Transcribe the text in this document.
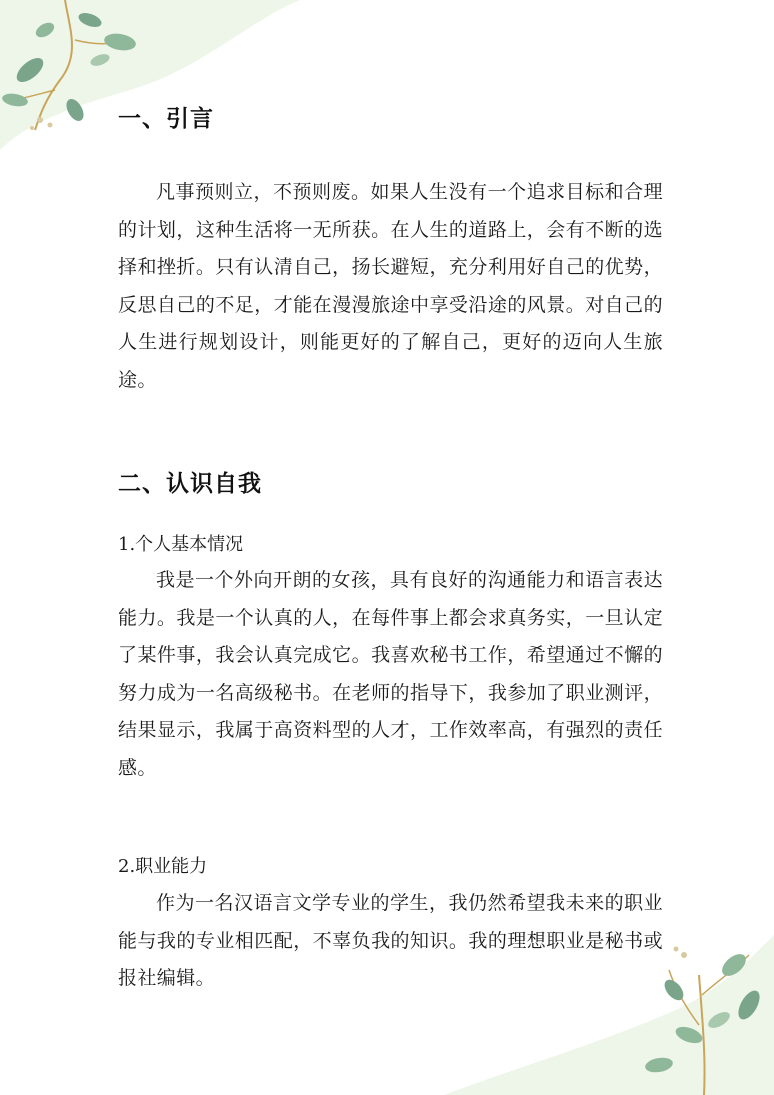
一、引言

凡事预则立，不预则废。如果人生没有一个追求目标和合理的计划，这种生活将一无所获。在人生的道路上，会有不断的选择和挫折。只有认清自己，扬长避短，充分利用好自己的优势，反思自己的不足，才能在漫漫旅途中享受沿途的风景。对自己的人生进行规划设计，则能更好的了解自己，更好的迈向人生旅途。

二、认识自我

1.个人基本情况

我是一个外向开朗的女孩，具有良好的沟通能力和语言表达能力。我是一个认真的人，在每件事上都会求真务实，一旦认定了某件事，我会认真完成它。我喜欢秘书工作，希望通过不懈的努力成为一名高级秘书。在老师的指导下，我参加了职业测评，结果显示，我属于高资料型的人才，工作效率高，有强烈的责任感。

2.职业能力

作为一名汉语言文学专业的学生，我仍然希望我未来的职业能与我的专业相匹配，不辜负我的知识。我的理想职业是秘书或报社编辑。
